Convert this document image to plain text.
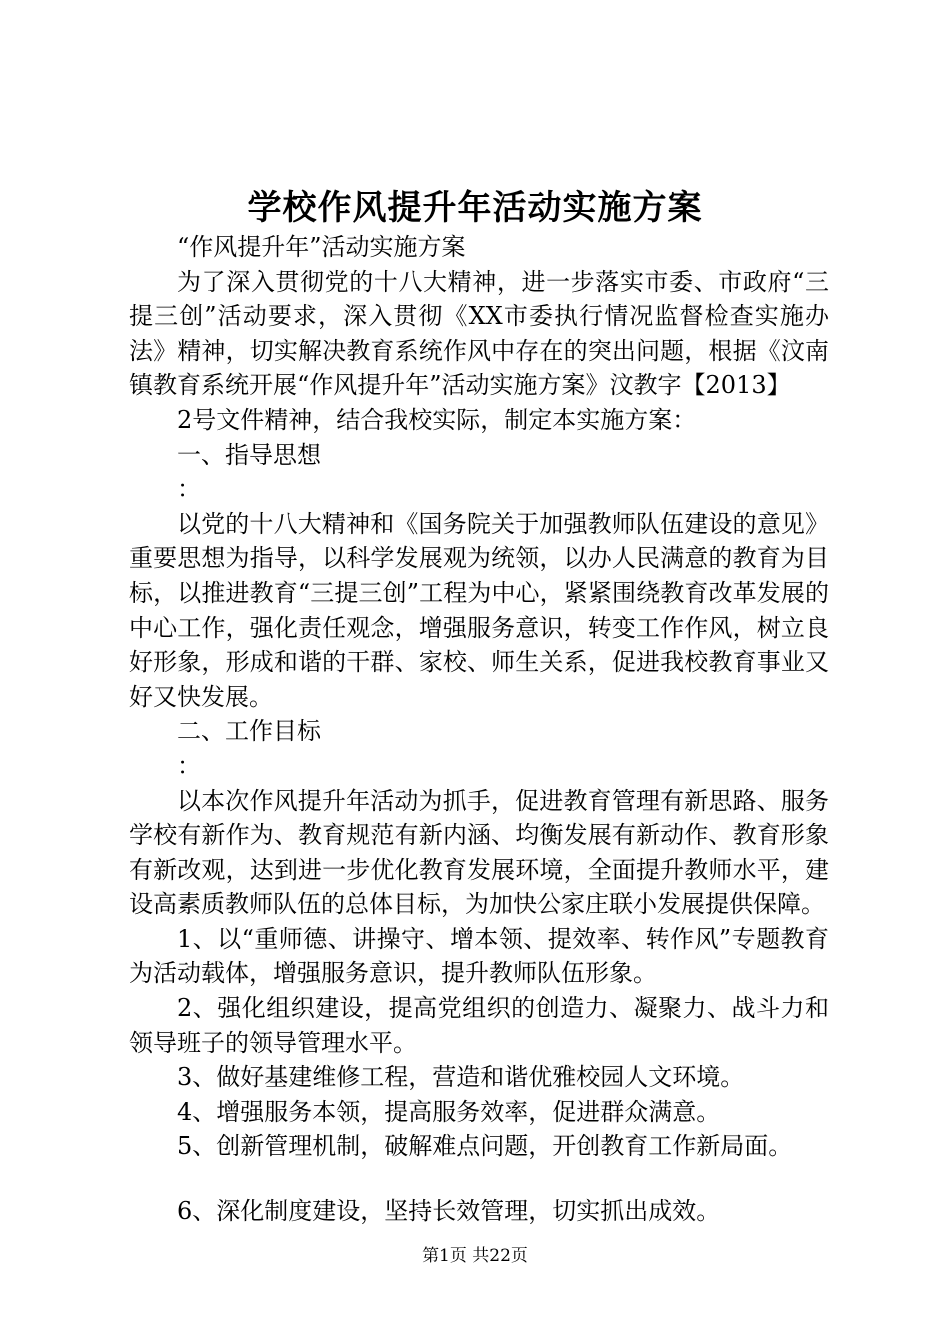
学校作风提升年活动实施方案

“作风提升年”活动实施方案

为了深入贯彻党的十八大精神，进一步落实市委、市政府“三提三创”活动要求，深入贯彻《XX市委执行情况监督检查实施办法》精神，切实解决教育系统作风中存在的突出问题，根据《汶南镇教育系统开展“作风提升年”活动实施方案》汶教字【2013】

2号文件精神，结合我校实际，制定本实施方案：

一、指导思想

：

以党的十八大精神和《国务院关于加强教师队伍建设的意见》重要思想为指导，以科学发展观为统领，以办人民满意的教育为目标，以推进教育“三提三创”工程为中心，紧紧围绕教育改革发展的中心工作，强化责任观念，增强服务意识，转变工作作风，树立良好形象，形成和谐的干群、家校、师生关系，促进我校教育事业又好又快发展。

二、工作目标

：

以本次作风提升年活动为抓手，促进教育管理有新思路、服务学校有新作为、教育规范有新内涵、均衡发展有新动作、教育形象有新改观，达到进一步优化教育发展环境，全面提升教师水平，建设高素质教师队伍的总体目标，为加快公家庄联小发展提供保障。

1、以“重师德、讲操守、增本领、提效率、转作风”专题教育为活动载体，增强服务意识，提升教师队伍形象。

2、强化组织建设，提高党组织的创造力、凝聚力、战斗力和领导班子的领导管理水平。

3、做好基建维修工程，营造和谐优雅校园人文环境。

4、增强服务本领，提高服务效率，促进群众满意。

5、创新管理机制，破解难点问题，开创教育工作新局面。

6、深化制度建设，坚持长效管理，切实抓出成效。

第1页 共22页
